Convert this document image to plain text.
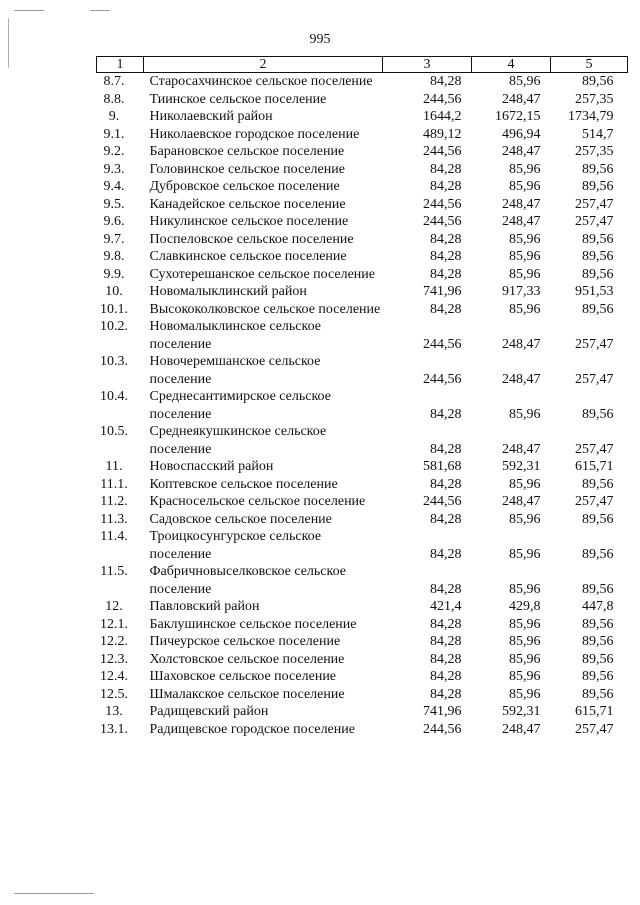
995
1	2	3	4	5
8.7.	Старосахчинское сельское поселение	84,28	85,96	89,56
8.8.	Тиинское сельское поселение	244,56	248,47	257,35
9.	Николаевский район	1644,2	1672,15	1734,79
9.1.	Николаевское городское поселение	489,12	496,94	514,7
9.2.	Барановское сельское поселение	244,56	248,47	257,35
9.3.	Головинское сельское поселение	84,28	85,96	89,56
9.4.	Дубровское сельское поселение	84,28	85,96	89,56
9.5.	Канадейское сельское поселение	244,56	248,47	257,47
9.6.	Никулинское сельское поселение	244,56	248,47	257,47
9.7.	Поспеловское сельское поселение	84,28	85,96	89,56
9.8.	Славкинское сельское поселение	84,28	85,96	89,56
9.9.	Сухотерешанское сельское поселение	84,28	85,96	89,56
10.	Новомалыклинский район	741,96	917,33	951,53
10.1.	Высококолковское сельское поселение	84,28	85,96	89,56
10.2.	Новомалыклинское сельское поселение	244,56	248,47	257,47
10.3.	Новочеремшанское сельское поселение	244,56	248,47	257,47
10.4.	Среднесантимирское сельское поселение	84,28	85,96	89,56
10.5.	Среднеякушкинское сельское поселение	84,28	248,47	257,47
11.	Новоспасский район	581,68	592,31	615,71
11.1.	Коптевское сельское поселение	84,28	85,96	89,56
11.2.	Красносельское сельское поселение	244,56	248,47	257,47
11.3.	Садовское сельское поселение	84,28	85,96	89,56
11.4.	Троицкосунгурское сельское поселение	84,28	85,96	89,56
11.5.	Фабричновыселковское сельское поселение	84,28	85,96	89,56
12.	Павловский район	421,4	429,8	447,8
12.1.	Баклушинское сельское поселение	84,28	85,96	89,56
12.2.	Пичеурское сельское поселение	84,28	85,96	89,56
12.3.	Холстовское сельское поселение	84,28	85,96	89,56
12.4.	Шаховское сельское поселение	84,28	85,96	89,56
12.5.	Шмалакское сельское поселение	84,28	85,96	89,56
13.	Радищевский район	741,96	592,31	615,71
13.1.	Радищевское городское поселение	244,56	248,47	257,47
